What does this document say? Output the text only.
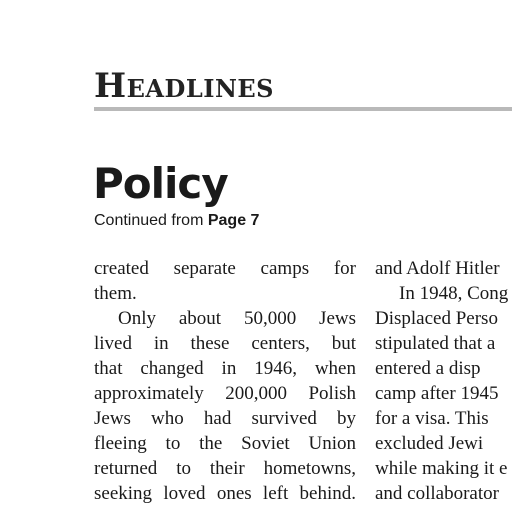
Headlines
Policy
Continued from Page 7
created separate camps for
them.
Only about 50,000 Jews
lived in these centers, but
that changed in 1946, when
approximately 200,000 Polish
Jews who had survived by
fleeing to the Soviet Union
returned to their hometowns,
seeking loved ones left behind.
and Adolf Hitler
In 1948, Cong
Displaced Perso
stipulated that a
entered a disp
camp after 1945
for a visa. This
excluded Jewi
while making it e
and collaborator
